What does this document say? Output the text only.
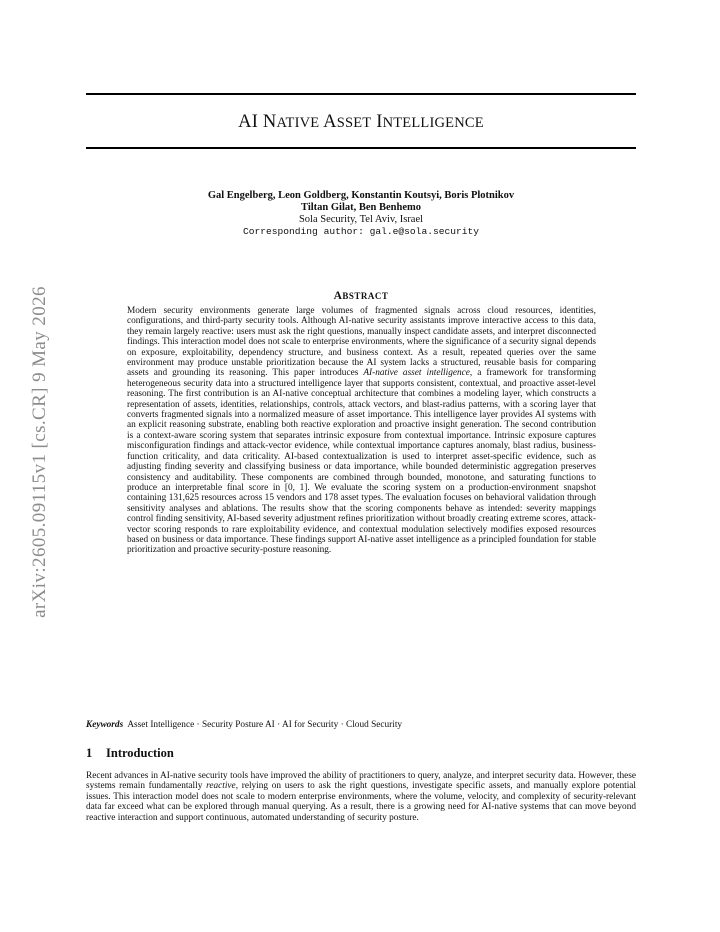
arXiv:2605.09115v1 [cs.CR] 9 May 2026
AI NATIVE ASSET INTELLIGENCE
Gal Engelberg, Leon Goldberg, Konstantin Koutsyi, Boris Plotnikov
Tiltan Gilat, Ben Benhemo
Sola Security, Tel Aviv, Israel
Corresponding author: gal.e@sola.security
ABSTRACT

Modern security environments generate large volumes of fragmented signals across cloud resources, identities, configurations, and third-party security tools. Although AI-native security assistants improve interactive access to this data, they remain largely reactive: users must ask the right questions, manually inspect candidate assets, and interpret disconnected findings. This interaction model does not scale to enterprise environments, where the significance of a security signal depends on exposure, exploitability, dependency structure, and business context. As a result, repeated queries over the same environment may produce unstable prioritization because the AI system lacks a structured, reusable basis for comparing assets and grounding its reasoning. This paper introduces AI-native asset intelligence, a framework for transforming heterogeneous security data into a structured intelligence layer that supports consistent, contextual, and proactive asset-level reasoning. The first contribution is an AI-native conceptual architecture that combines a modeling layer, which constructs a representation of assets, identities, relationships, controls, attack vectors, and blast-radius patterns, with a scoring layer that converts fragmented signals into a normalized measure of asset importance. This intelligence layer provides AI systems with an explicit reasoning substrate, enabling both reactive exploration and proactive insight generation. The second contribution is a context-aware scoring system that separates intrinsic exposure from contextual importance. Intrinsic exposure captures misconfiguration findings and attack-vector evidence, while contextual importance captures anomaly, blast radius, business-function criticality, and data criticality. AI-based contextualization is used to interpret asset-specific evidence, such as adjusting finding severity and classifying business or data importance, while bounded deterministic aggregation preserves consistency and auditability. These components are combined through bounded, monotone, and saturating functions to produce an interpretable final score in [0, 1]. We evaluate the scoring system on a production-environment snapshot containing 131,625 resources across 15 vendors and 178 asset types. The evaluation focuses on behavioral validation through sensitivity analyses and ablations. The results show that the scoring components behave as intended: severity mappings control finding sensitivity, AI-based severity adjustment refines prioritization without broadly creating extreme scores, attack-vector scoring responds to rare exploitability evidence, and contextual modulation selectively modifies exposed resources based on business or data importance. These findings support AI-native asset intelligence as a principled foundation for stable prioritization and proactive security-posture reasoning.

Keywords Asset Intelligence · Security Posture AI · AI for Security · Cloud Security
1 Introduction

Recent advances in AI-native security tools have improved the ability of practitioners to query, analyze, and interpret security data. However, these systems remain fundamentally reactive, relying on users to ask the right questions, investigate specific assets, and manually explore potential issues. This interaction model does not scale to modern enterprise environments, where the volume, velocity, and complexity of security-relevant data far exceed what can be explored through manual querying. As a result, there is a growing need for AI-native systems that can move beyond reactive interaction and support continuous, automated understanding of security posture.
